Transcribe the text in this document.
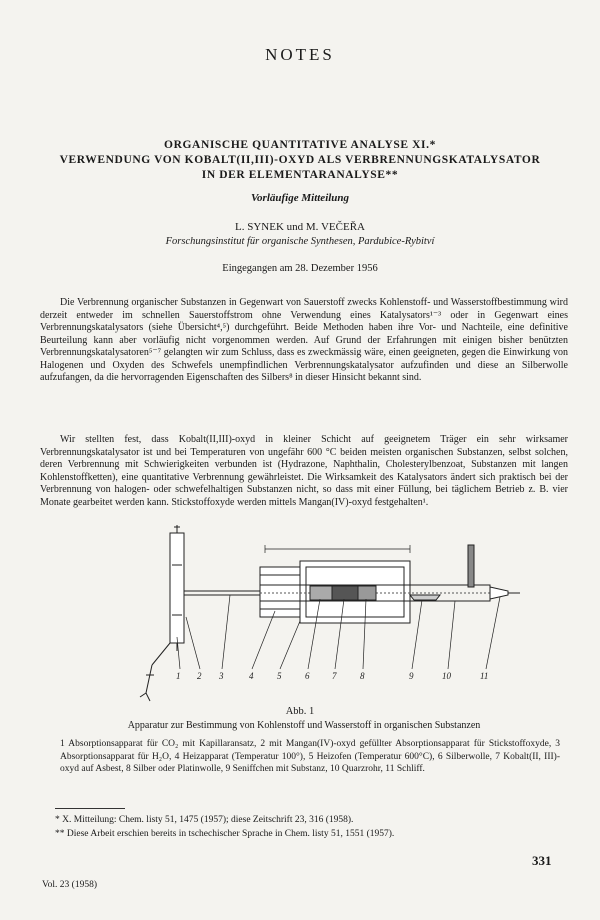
NOTES
ORGANISCHE QUANTITATIVE ANALYSE XI.*
VERWENDUNG VON KOBALT(II,III)-OXYD ALS VERBRENNUNGSKATALYSATOR
IN DER ELEMENTARANALYSE**
Vorläufige Mitteilung
L. SYNEK und M. VEČEŘA
Forschungsinstitut für organische Synthesen, Pardubice-Rybitví
Eingegangen am 28. Dezember 1956

Die Verbrennung organischer Substanzen in Gegenwart von Sauerstoff zwecks Kohlenstoff- und Wasserstoffbestimmung wird derzeit entweder im schnellen Sauerstoffstrom ohne Verwendung eines Katalysators¹⁻³ oder in Gegenwart eines Verbrennungskatalysators (siehe Übersicht⁴,⁵) durchgeführt. Beide Methoden haben ihre Vor- und Nachteile, eine definitive Beurteilung kann aber vorläufig nicht vorgenommen werden. Auf Grund der Erfahrungen mit einigen bisher benützten Verbrennungskatalysatoren⁵⁻⁷ gelangten wir zum Schluss, dass es zweckmässig wäre, einen geeigneten, gegen die Einwirkung von Halogenen und Oxyden des Schwefels unempfindlichen Verbrennungskatalysator aufzufinden und diese an Silberwolle aufzufangen, da die hervorragenden Eigenschaften des Silbers⁸ in dieser Hinsicht bekannt sind.

Wir stellten fest, dass Kobalt(II,III)-oxyd in kleiner Schicht auf geeignetem Träger ein sehr wirksamer Verbrennungskatalysator ist und bei Temperaturen von ungefähr 600 °C beiden meisten organischen Substanzen, selbst solchen, deren Verbrennung mit Schwierigkeiten verbunden ist (Hydrazone, Naphthalin, Cholesterylbenzoat, Substanzen mit langen Kohlenstoffketten), eine quantitative Verbrennung gewährleistet. Die Wirksamkeit des Katalysators ändert sich praktisch bei der Verbrennung von halogen- oder schwefelhaltigen Substanzen nicht, so dass mit einer Füllung, bei täglichem Betrieb z. B. vier Monate gearbeitet werden kann. Stickstoffoxyde werden mittels Mangan(IV)-oxyd festgehalten¹.

1 2 3	4	5	6	7	8	9	10	11
Abb. 1
Apparatur zur Bestimmung von Kohlenstoff und Wasserstoff in organischen Substanzen

1 Absorptionsapparat für CO₂ mit Kapillaransatz, 2 mit Mangan(IV)-oxyd gefüllter Absorptionsapparat für Stickstoffoxyde, 3 Absorptionsapparat für H₂O, 4 Heizapparat (Temperatur 100°), 5 Heizofen (Temperatur 600°C), 6 Silberwolle, 7 Kobalt(II, III)-oxyd auf Asbest, 8 Silber oder Platinwolle, 9 Seniffchen mit Substanz, 10 Quarzrohr, 11 Schliff.

* X. Mitteilung: Chem. listy 51, 1475 (1957); diese Zeitschrift 23, 316 (1958).
** Diese Arbeit erschien bereits in tschechischer Sprache in Chem. listy 51, 1551 (1957).
Vol. 23 (1958)
331
